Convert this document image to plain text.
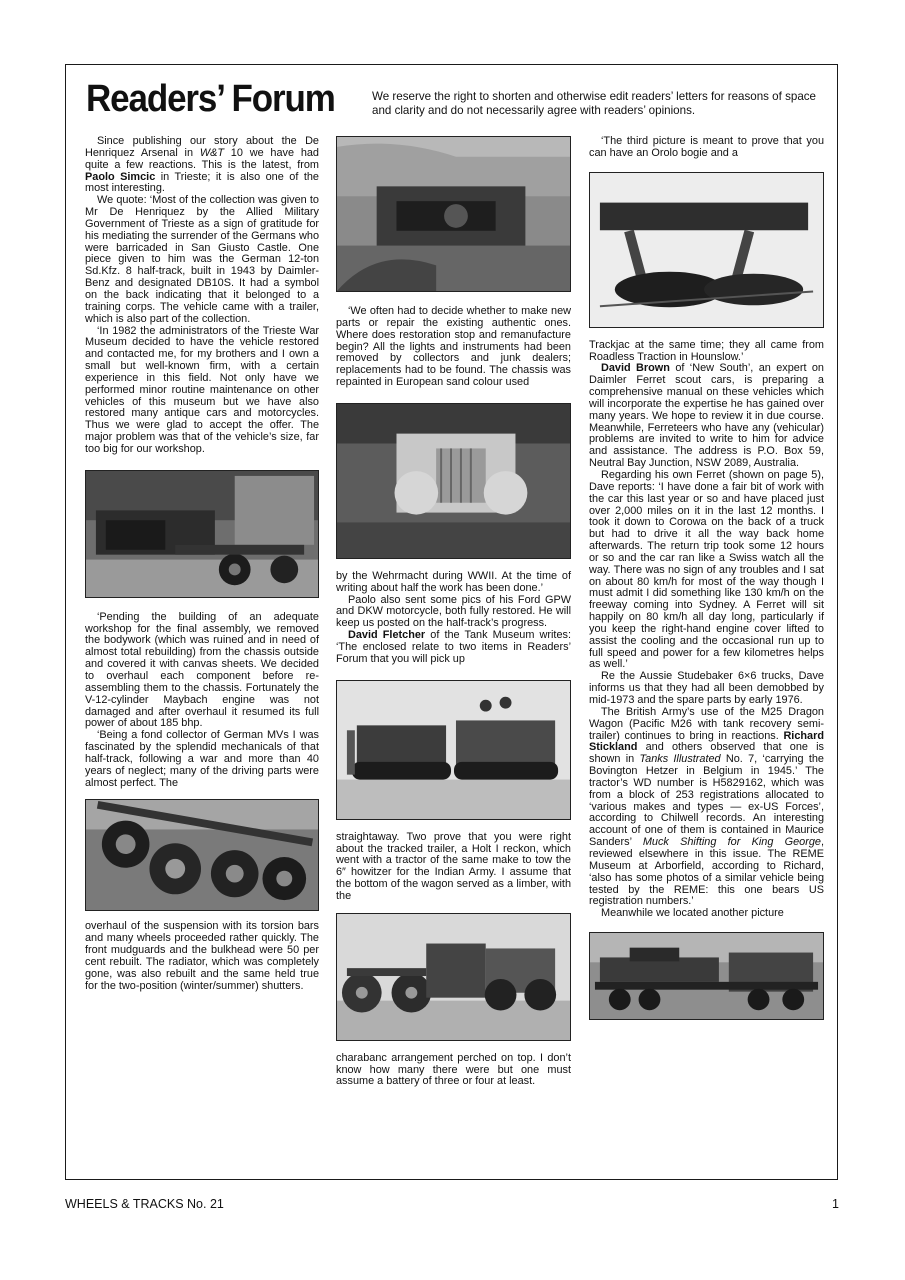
Readers’ Forum	We reserve the right to shorten and otherwise edit readers’ letters for reasons of space and clarity and do not necessarily agree with readers’ opinions.

Since publishing our story about the De Henriquez Arsenal in W&T 10 we have had quite a few reactions. This is the latest, from Paolo Simcic in Trieste; it is also one of the most interesting.

We quote: ‘Most of the collection was given to Mr De Henriquez by the Allied Military Government of Trieste as a sign of gratitude for his mediating the surrender of the Germans who were barricaded in San Giusto Castle. One piece given to him was the German 12-ton Sd.Kfz. 8 half-track, built in 1943 by Daimler-Benz and designated DB10S. It had a symbol on the back indicating that it belonged to a training corps. The vehicle came with a trailer, which is also part of the collection.

‘In 1982 the administrators of the Trieste War Museum decided to have the vehicle restored and contacted me, for my brothers and I own a small but well-known firm, with a certain experience in this field. Not only have we performed minor routine maintenance on other vehicles of this museum but we have also restored many antique cars and motorcycles. Thus we were glad to accept the offer. The major problem was that of the vehicle’s size, far too big for our workshop.

‘Pending the building of an adequate workshop for the final assembly, we removed the bodywork (which was ruined and in need of almost total rebuilding) from the chassis outside and covered it with canvas sheets. We decided to overhaul each component before re-assembling them to the chassis. Fortunately the V-12-cylinder Maybach engine was not damaged and after overhaul it resumed its full power of about 185 bhp.

‘Being a fond collector of German MVs I was fascinated by the splendid mechanicals of that half-track, following a war and more than 40 years of neglect; many of the driving parts were almost perfect. The

overhaul of the suspension with its torsion bars and many wheels proceeded rather quickly. The front mudguards and the bulkhead were 50 per cent rebuilt. The radiator, which was completely gone, was also rebuilt and the same held true for the two-position (winter/summer) shutters.

‘We often had to decide whether to make new parts or repair the existing authentic ones. Where does restoration stop and remanufacture begin? All the lights and instruments had been removed by collectors and junk dealers; replacements had to be found. The chassis was repainted in European sand colour used

by the Wehrmacht during WWII. At the time of writing about half the work has been done.’

Paolo also sent some pics of his Ford GPW and DKW motorcycle, both fully restored. He will keep us posted on the half-track’s progress.

David Fletcher of the Tank Museum writes: ‘The enclosed relate to two items in Readers’ Forum that you will pick up

straightaway. Two prove that you were right about the tracked trailer, a Holt I reckon, which went with a tractor of the same make to tow the 6″ howitzer for the Indian Army. I assume that the bottom of the wagon served as a limber, with the

charabanc arrangement perched on top. I don’t know how many there were but one must assume a battery of three or four at least.

‘The third picture is meant to prove that you can have an Orolo bogie and a

Trackjac at the same time; they all came from Roadless Traction in Hounslow.’

David Brown of ‘New South’, an expert on Daimler Ferret scout cars, is preparing a comprehensive manual on these vehicles which will incorporate the expertise he has gained over many years. We hope to review it in due course. Meanwhile, Ferreteers who have any (vehicular) problems are invited to write to him for advice and assistance. The address is P.O. Box 59, Neutral Bay Junction, NSW 2089, Australia.

Regarding his own Ferret (shown on page 5), Dave reports: ‘I have done a fair bit of work with the car this last year or so and have placed just over 2,000 miles on it in the last 12 months. I took it down to Corowa on the back of a truck but had to drive it all the way back home afterwards. The return trip took some 12 hours or so and the car ran like a Swiss watch all the way. There was no sign of any troubles and I sat on about 80 km/h for most of the way though I must admit I did something like 130 km/h on the freeway coming into Sydney. A Ferret will sit happily on 80 km/h all day long, particularly if you keep the right-hand engine cover lifted to assist the cooling and the occasional run up to full speed and power for a few kilometres helps as well.’

Re the Aussie Studebaker 6×6 trucks, Dave informs us that they had all been demobbed by mid-1973 and the spare parts by early 1976.

The British Army’s use of the M25 Dragon Wagon (Pacific M26 with tank recovery semi-trailer) continues to bring in reactions. Richard Stickland and others observed that one is shown in Tanks Illustrated No. 7, ‘carrying the Bovington Hetzer in Belgium in 1945.’ The tractor’s WD number is H5829162, which was from a block of 253 registrations allocated to ‘various makes and types — ex-US Forces’, according to Chilwell records. An interesting account of one of them is contained in Maurice Sanders’ Muck Shifting for King George, reviewed elsewhere in this issue. The REME Museum at Arborfield, according to Richard, ‘also has some photos of a similar vehicle being tested by the REME: this one bears US registration numbers.’

Meanwhile we located another picture

WHEELS & TRACKS No. 21	1
